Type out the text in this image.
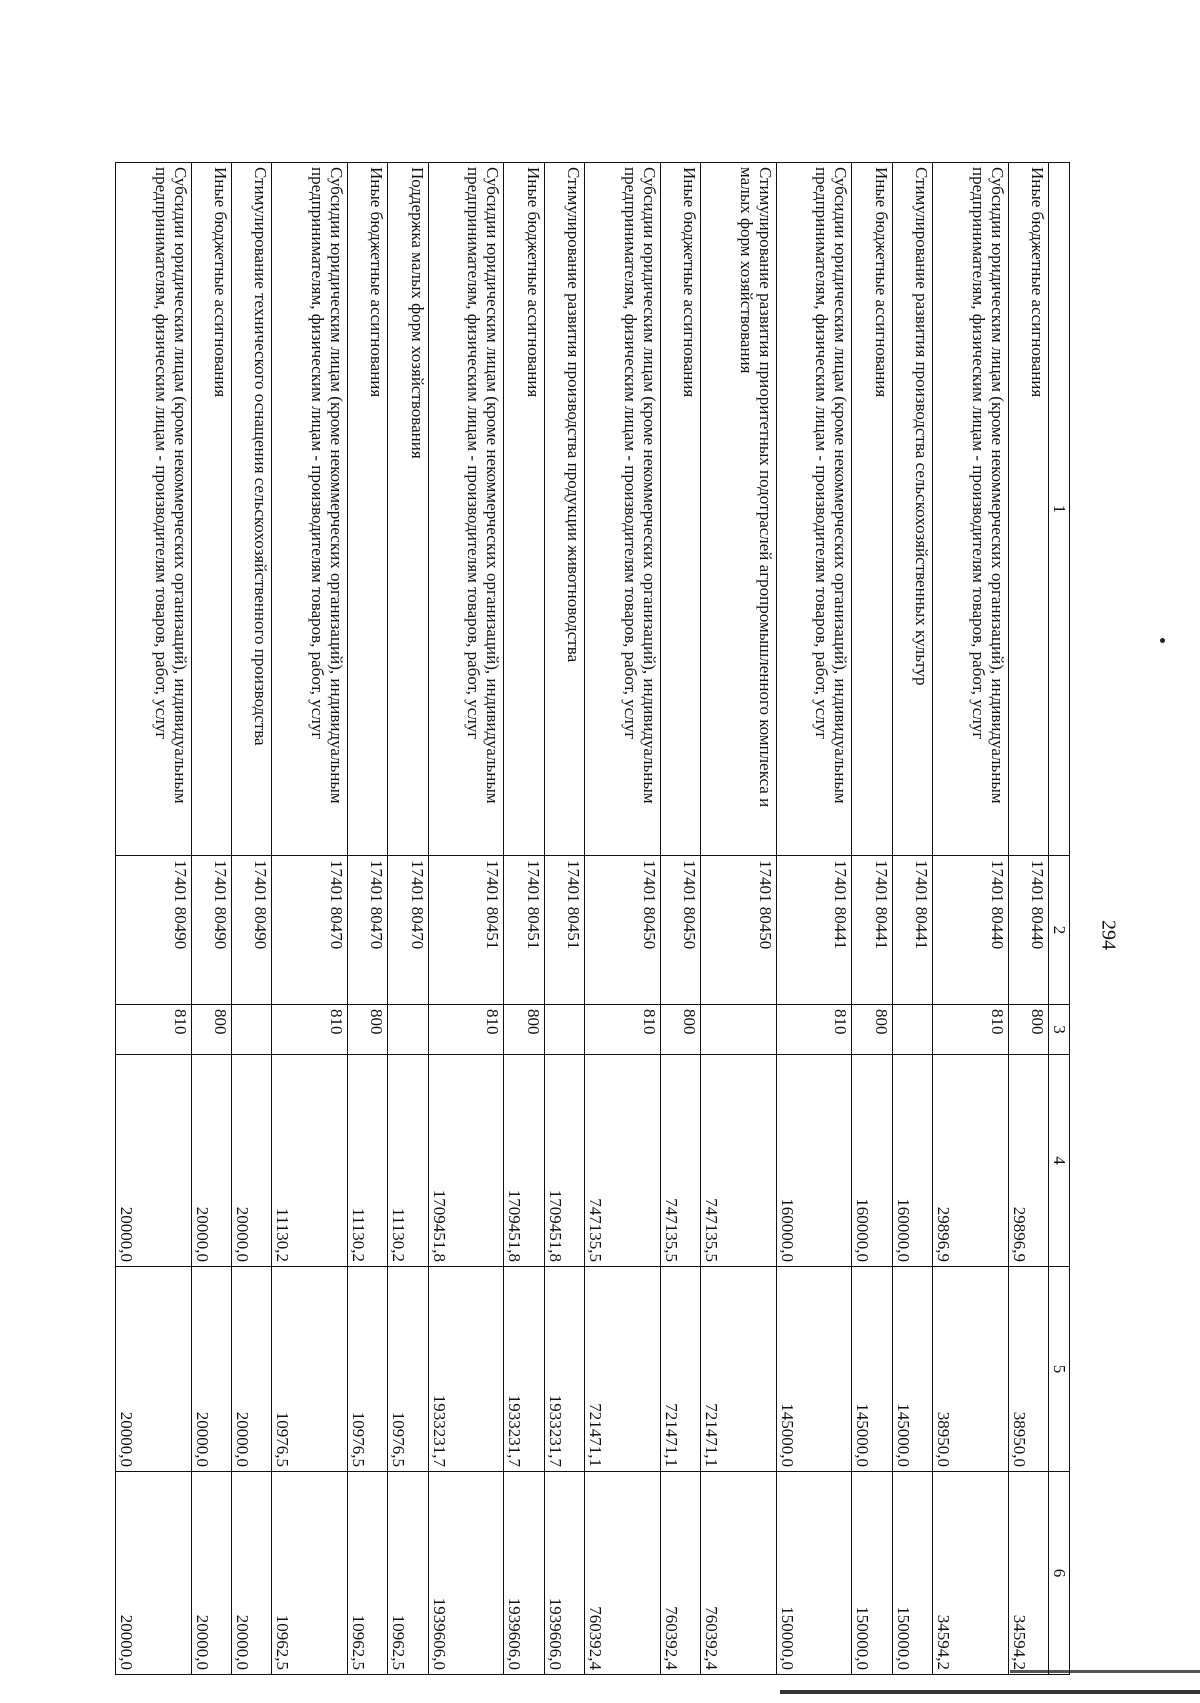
294
1	2	3	4	5	6
Иные бюджетные ассигнования	17401 80440	800	29896,9	38950,0	34594,2
Субсидии юридическим лицам (кроме некоммерческих организаций), индивидуальным предпринимателям, физическим лицам - производителям товаров, работ, услуг	17401 80440	810	29896,9	38950,0	34594,2
Стимулирование развития производства сельскохозяйственных культур	17401 80441		160000,0	145000,0	150000,0
Иные бюджетные ассигнования	17401 80441	800	160000,0	145000,0	150000,0
Субсидии юридическим лицам (кроме некоммерческих организаций), индивидуальным предпринимателям, физическим лицам - производителям товаров, работ, услуг	17401 80441	810	160000,0	145000,0	150000,0
Стимулирование развития приоритетных подотраслей агропромышленного комплекса и малых форм хозяйствования	17401 80450		747135,5	721471,1	760392,4
Иные бюджетные ассигнования	17401 80450	800	747135,5	721471,1	760392,4
Субсидии юридическим лицам (кроме некоммерческих организаций), индивидуальным предпринимателям, физическим лицам - производителям товаров, работ, услуг	17401 80450	810	747135,5	721471,1	760392,4
Стимулирование развития производства продукции животноводства	17401 80451		1709451,8	1933231,7	1939606,0
Иные бюджетные ассигнования	17401 80451	800	1709451,8	1933231,7	1939606,0
Субсидии юридическим лицам (кроме некоммерческих организаций), индивидуальным предпринимателям, физическим лицам - производителям товаров, работ, услуг	17401 80451	810	1709451,8	1933231,7	1939606,0
Поддержка малых форм хозяйствования	17401 80470		11130,2	10976,5	10962,5
Иные бюджетные ассигнования	17401 80470	800	11130,2	10976,5	10962,5
Субсидии юридическим лицам (кроме некоммерческих организаций), индивидуальным предпринимателям, физическим лицам - производителям товаров, работ, услуг	17401 80470	810	11130,2	10976,5	10962,5
Стимулирование технического оснащения сельскохозяйственного производства	17401 80490		20000,0	20000,0	20000,0
Иные бюджетные ассигнования	17401 80490	800	20000,0	20000,0	20000,0
Субсидии юридическим лицам (кроме некоммерческих организаций), индивидуальным предпринимателям, физическим лицам - производителям товаров, работ, услуг	17401 80490	810	20000,0	20000,0	20000,0
